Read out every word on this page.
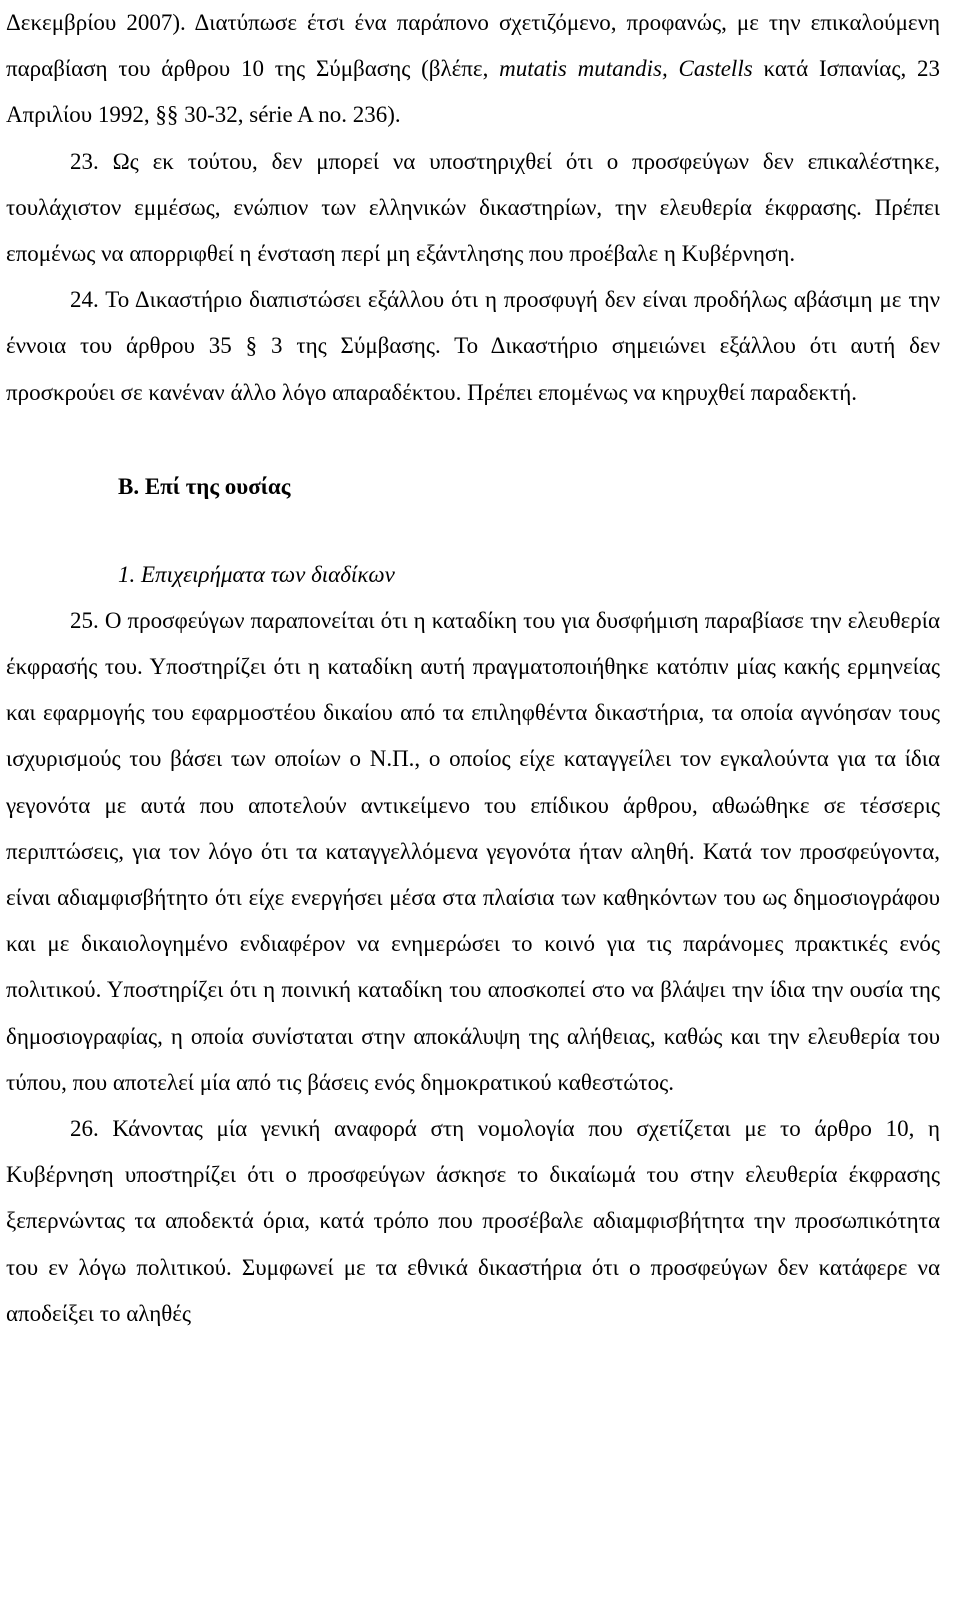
Δεκεμβρίου 2007). Διατύπωσε έτσι ένα παράπονο σχετιζόμενο, προφανώς, με την επικαλούμενη παραβίαση του άρθρου 10 της Σύμβασης (βλέπε, mutatis mutandis, Castells κατά Ισπανίας, 23 Απριλίου 1992, §§ 30-32, série A no. 236).

23. Ως εκ τούτου, δεν μπορεί να υποστηριχθεί ότι ο προσφεύγων δεν επικαλέστηκε, τουλάχιστον εμμέσως, ενώπιον των ελληνικών δικαστηρίων, την ελευθερία έκφρασης. Πρέπει επομένως να απορριφθεί η ένσταση περί μη εξάντλησης που προέβαλε η Κυβέρνηση.

24. Το Δικαστήριο διαπιστώσει εξάλλου ότι η προσφυγή δεν είναι προδήλως αβάσιμη με την έννοια του άρθρου 35 § 3 της Σύμβασης. Το Δικαστήριο σημειώνει εξάλλου ότι αυτή δεν προσκρούει σε κανέναν άλλο λόγο απαραδέκτου. Πρέπει επομένως να κηρυχθεί παραδεκτή.

B. Επί της ουσίας

1. Επιχειρήματα των διαδίκων

25. Ο προσφεύγων παραπονείται ότι η καταδίκη του για δυσφήμιση παραβίασε την ελευθερία έκφρασής του. Υποστηρίζει ότι η καταδίκη αυτή πραγματοποιήθηκε κατόπιν μίας κακής ερμηνείας και εφαρμογής του εφαρμοστέου δικαίου από τα επιληφθέντα δικαστήρια, τα οποία αγνόησαν τους ισχυρισμούς του βάσει των οποίων ο Ν.Π., ο οποίος είχε καταγγείλει τον εγκαλούντα για τα ίδια γεγονότα με αυτά που αποτελούν αντικείμενο του επίδικου άρθρου, αθωώθηκε σε τέσσερις περιπτώσεις, για τον λόγο ότι τα καταγγελλόμενα γεγονότα ήταν αληθή. Κατά τον προσφεύγοντα, είναι αδιαμφισβήτητο ότι είχε ενεργήσει μέσα στα πλαίσια των καθηκόντων του ως δημοσιογράφου και με δικαιολογημένο ενδιαφέρον να ενημερώσει το κοινό για τις παράνομες πρακτικές ενός πολιτικού. Υποστηρίζει ότι η ποινική καταδίκη του αποσκοπεί στο να βλάψει την ίδια την ουσία της δημοσιογραφίας, η οποία συνίσταται στην αποκάλυψη της αλήθειας, καθώς και την ελευθερία του τύπου, που αποτελεί μία από τις βάσεις ενός δημοκρατικού καθεστώτος.

26. Κάνοντας μία γενική αναφορά στη νομολογία που σχετίζεται με το άρθρο 10, η Κυβέρνηση υποστηρίζει ότι ο προσφεύγων άσκησε το δικαίωμά του στην ελευθερία έκφρασης ξεπερνώντας τα αποδεκτά όρια, κατά τρόπο που προσέβαλε αδιαμφισβήτητα την προσωπικότητα του εν λόγω πολιτικού. Συμφωνεί με τα εθνικά δικαστήρια ότι ο προσφεύγων δεν κατάφερε να αποδείξει το αληθές
